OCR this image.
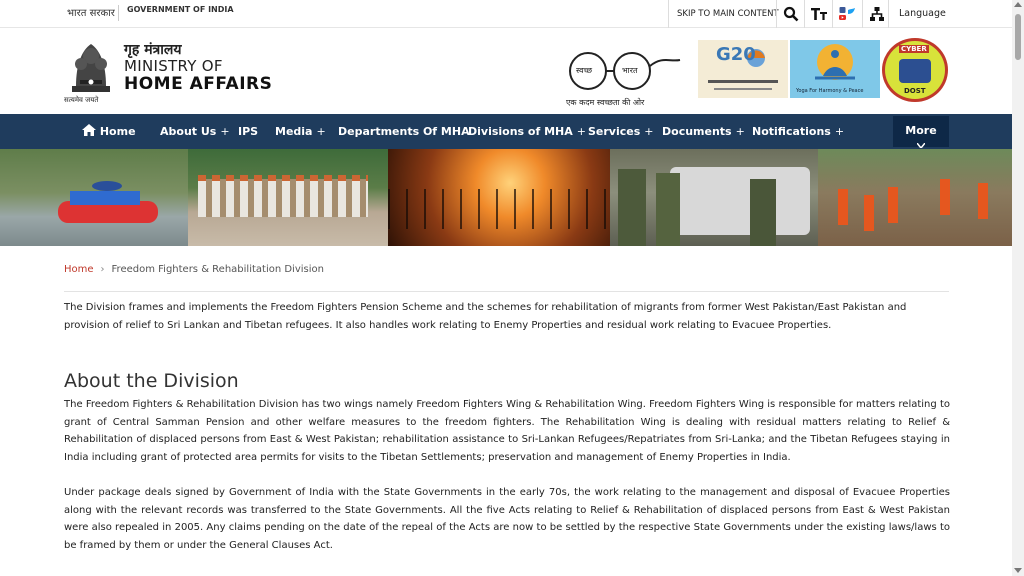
भारत सरकार GOVERNMENT OF INDIA	SKIP TO MAIN CONTENT	Language
सत्यमेव जयते
गृह मंत्रालय
MINISTRY OF
HOME AFFAIRS
स्वच्छ	भारत
एक कदम स्वच्छता की ओर
G20
Yoga For Harmony & Peace
CYBER
DOST
Home About Us + IPS Media + Departments Of MHA
Divisions of MHA + Services + Documents + Notifications +	More
Home › Freedom Fighters & Rehabilitation Division

The Division frames and implements the Freedom Fighters Pension Scheme and the schemes for rehabilitation of migrants from former West Pakistan/East Pakistan and provision of relief to Sri Lankan and Tibetan refugees. It also handles work relating to Enemy Properties and residual work relating to Evacuee Properties.

About the Division

The Freedom Fighters & Rehabilitation Division has two wings namely Freedom Fighters Wing & Rehabilitation Wing. Freedom Fighters Wing is responsible for matters relating to grant of Central Samman Pension and other welfare measures to the freedom fighters. The Rehabilitation Wing is dealing with residual matters relating to Relief & Rehabilitation of displaced persons from East & West Pakistan; rehabilitation assistance to Sri-Lankan Refugees/Repatriates from Sri-Lanka; and the Tibetan Refugees staying in India including grant of protected area permits for visits to the Tibetan Settlements; preservation and management of Enemy Properties in India.

Under package deals signed by Government of India with the State Governments in the early 70s, the work relating to the management and disposal of Evacuee Properties along with the relevant records was transferred to the State Governments. All the five Acts relating to Relief & Rehabilitation of displaced persons from East & West Pakistan were also repealed in 2005. Any claims pending on the date of the repeal of the Acts are now to be settled by the respective State Governments under the existing laws/laws to be framed by them or under the General Clauses Act.
